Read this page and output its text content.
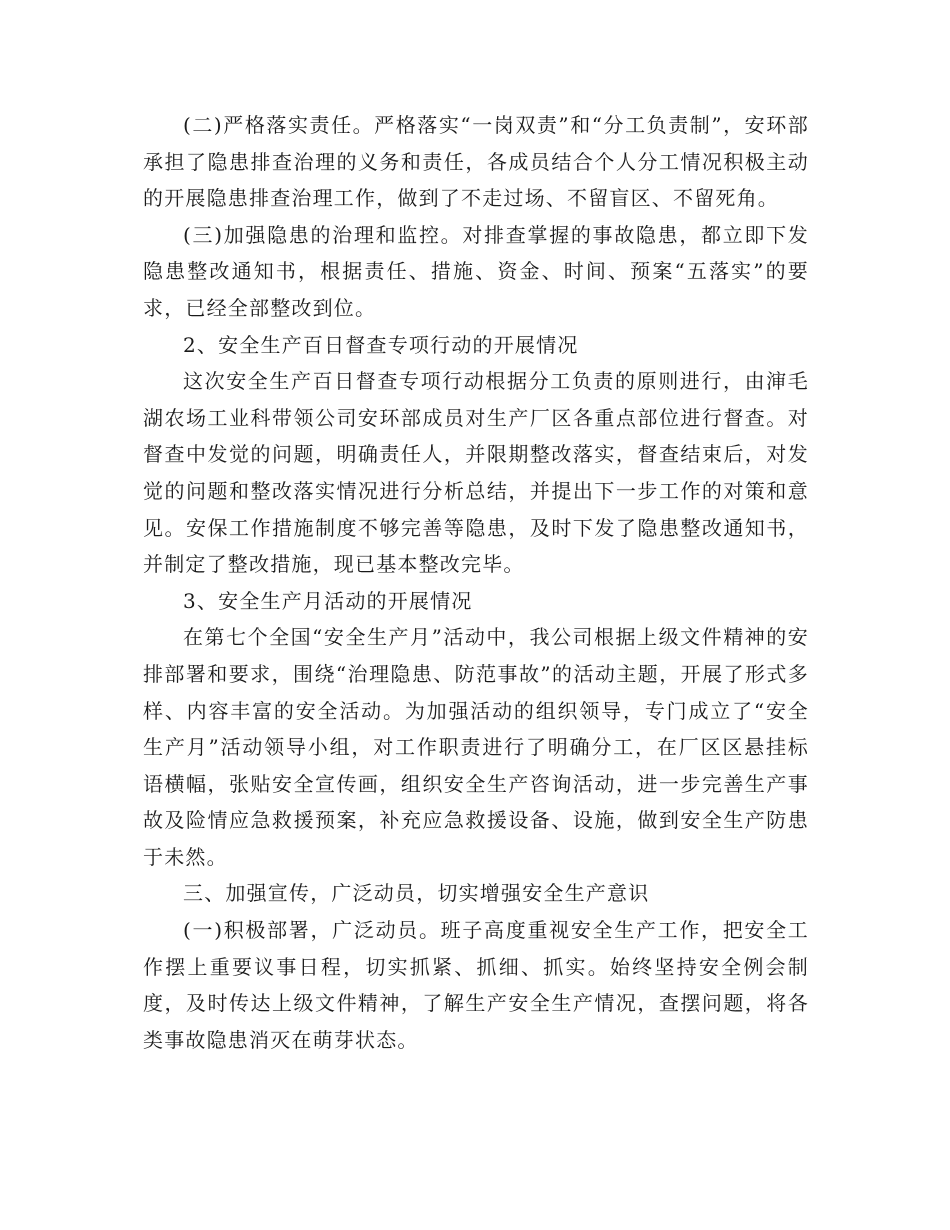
(二)严格落实责任。严格落实“一岗双责”和“分工负责制”，安环部承担了隐患排查治理的义务和责任，各成员结合个人分工情况积极主动的开展隐患排查治理工作，做到了不走过场、不留盲区、不留死角。

(三)加强隐患的治理和监控。对排查掌握的事故隐患，都立即下发隐患整改通知书，根据责任、措施、资金、时间、预案“五落实”的要求，已经全部整改到位。

2、安全生产百日督查专项行动的开展情况

这次安全生产百日督查专项行动根据分工负责的原则进行，由渖毛湖农场工业科带领公司安环部成员对生产厂区各重点部位进行督查。对督查中发觉的问题，明确责任人，并限期整改落实，督查结束后，对发觉的问题和整改落实情况进行分析总结，并提出下一步工作的对策和意见。安保工作措施制度不够完善等隐患，及时下发了隐患整改通知书，并制定了整改措施，现已基本整改完毕。

3、安全生产月活动的开展情况

在第七个全国“安全生产月”活动中，我公司根据上级文件精神的安排部署和要求，围绕“治理隐患、防范事故”的活动主题，开展了形式多样、内容丰富的安全活动。为加强活动的组织领导，专门成立了“安全生产月”活动领导小组，对工作职责进行了明确分工，在厂区区悬挂标语横幅，张贴安全宣传画，组织安全生产咨询活动，进一步完善生产事故及险情应急救援预案，补充应急救援设备、设施，做到安全生产防患于未然。

三、加强宣传，广泛动员，切实增强安全生产意识

(一)积极部署，广泛动员。班子高度重视安全生产工作，把安全工作摆上重要议事日程，切实抓紧、抓细、抓实。始终坚持安全例会制度，及时传达上级文件精神，了解生产安全生产情况，查摆问题，将各类事故隐患消灭在萌芽状态。
